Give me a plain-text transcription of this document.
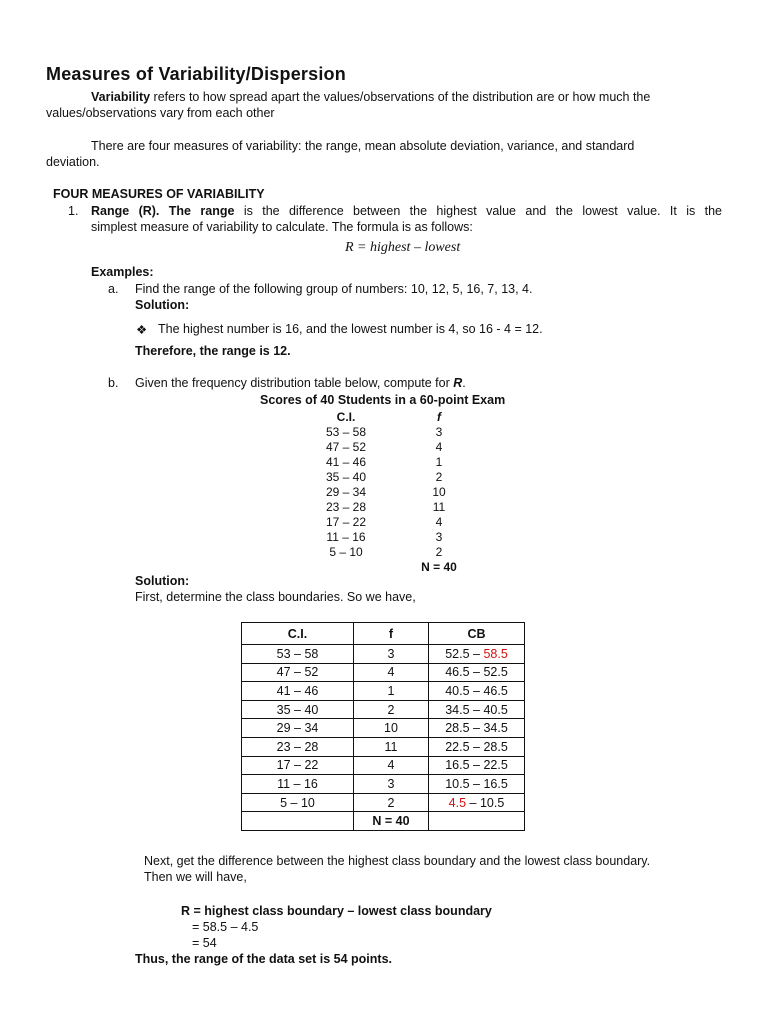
Measures of Variability/Dispersion
Variability refers to how spread apart the values/observations of the distribution are or how much the
values/observations vary from each other
There are four measures of variability: the range, mean absolute deviation, variance, and standard
deviation.
FOUR MEASURES OF VARIABILITY
1. Range (R). The range is the difference between the highest value and the lowest value. It is the
simplest measure of variability to calculate. The formula is as follows:
R = highest – lowest
Examples:
a. Find the range of the following group of numbers: 10, 12, 5, 16, 7, 13, 4.
Solution:
❖ The highest number is 16, and the lowest number is 4, so 16 - 4 = 12.
Therefore, the range is 12.
b. Given the frequency distribution table below, compute for R.
Scores of 40 Students in a 60-point Exam
C.I.	f
53 – 58	3
47 – 52	4
41 – 46	1
35 – 40	2
29 – 34	10
23 – 28	11
17 – 22	4
11 – 16	3
5 – 10	2
N = 40
Solution:
First, determine the class boundaries. So we have,
C.I.	f	CB
53 – 58	3	52.5 – 58.5
47 – 52	4	46.5 – 52.5
41 – 46	1	40.5 – 46.5
35 – 40	2	34.5 – 40.5
29 – 34	10	28.5 – 34.5
23 – 28	11	22.5 – 28.5
17 – 22	4	16.5 – 22.5
11 – 16	3	10.5 – 16.5
5 – 10	2	4.5 – 10.5
	N = 40	
Next, get the difference between the highest class boundary and the lowest class boundary.
Then we will have,
R = highest class boundary – lowest class boundary
= 58.5 – 4.5
= 54
Thus, the range of the data set is 54 points.
